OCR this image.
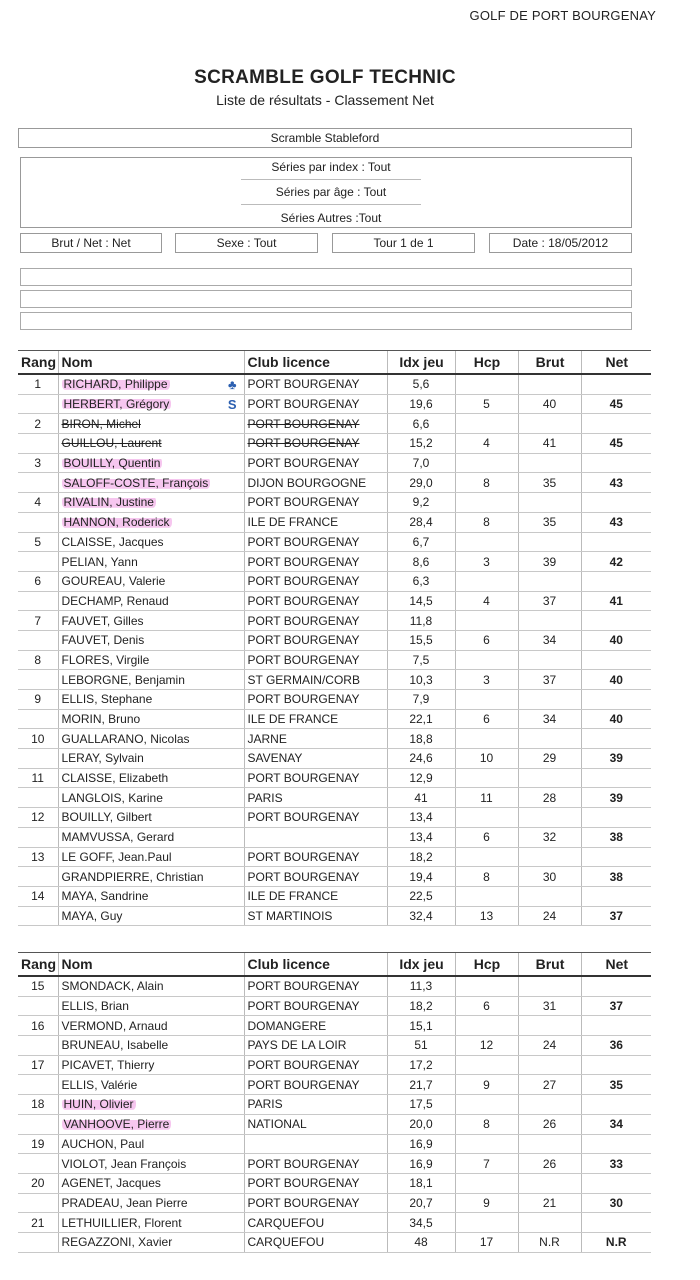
GOLF DE PORT BOURGENAY
SCRAMBLE GOLF TECHNIC
Liste de résultats - Classement Net
Scramble Stableford
Séries par index : Tout
Séries par âge : Tout
Séries Autres :Tout
Brut / Net : Net	Sexe : Tout	Tour 1 de 1	Date : 18/05/2012
Rang	Nom	Club licence	Idx jeu	Hcp	Brut	Net
1	RICHARD, Philippe ♣	PORT BOURGENAY	5,6			
	HERBERT, Grégory S	PORT BOURGENAY	19,6	5	40	45
2	BIRON, Michel	PORT BOURGENAY	6,6			
	GUILLOU, Laurent	PORT BOURGENAY	15,2	4	41	45
3	BOUILLY, Quentin	PORT BOURGENAY	7,0			
	SALOFF-COSTE, François	DIJON BOURGOGNE	29,0	8	35	43
4	RIVALIN, Justine	PORT BOURGENAY	9,2			
	HANNON, Roderick	ILE DE FRANCE	28,4	8	35	43
5	CLAISSE, Jacques	PORT BOURGENAY	6,7			
	PELIAN, Yann	PORT BOURGENAY	8,6	3	39	42
6	GOUREAU, Valerie	PORT BOURGENAY	6,3			
	DECHAMP, Renaud	PORT BOURGENAY	14,5	4	37	41
7	FAUVET, Gilles	PORT BOURGENAY	11,8			
	FAUVET, Denis	PORT BOURGENAY	15,5	6	34	40
8	FLORES, Virgile	PORT BOURGENAY	7,5			
	LEBORGNE, Benjamin	ST GERMAIN/CORB	10,3	3	37	40
9	ELLIS, Stephane	PORT BOURGENAY	7,9			
	MORIN, Bruno	ILE DE FRANCE	22,1	6	34	40
10	GUALLARANO, Nicolas	JARNE	18,8			
	LERAY, Sylvain	SAVENAY	24,6	10	29	39
11	CLAISSE, Elizabeth	PORT BOURGENAY	12,9			
	LANGLOIS, Karine	PARIS	41	11	28	39
12	BOUILLY, Gilbert	PORT BOURGENAY	13,4			
	MAMVUSSA, Gerard		13,4	6	32	38
13	LE GOFF, Jean.Paul	PORT BOURGENAY	18,2			
	GRANDPIERRE, Christian	PORT BOURGENAY	19,4	8	30	38
14	MAYA, Sandrine	ILE DE FRANCE	22,5			
	MAYA, Guy	ST MARTINOIS	32,4	13	24	37
Rang	Nom	Club licence	Idx jeu	Hcp	Brut	Net
15	SMONDACK, Alain	PORT BOURGENAY	11,3			
	ELLIS, Brian	PORT BOURGENAY	18,2	6	31	37
16	VERMOND, Arnaud	DOMANGERE	15,1			
	BRUNEAU, Isabelle	PAYS DE LA LOIR	51	12	24	36
17	PICAVET, Thierry	PORT BOURGENAY	17,2			
	ELLIS, Valérie	PORT BOURGENAY	21,7	9	27	35
18	HUIN, Olivier	PARIS	17,5			
	VANHOOVE, Pierre	NATIONAL	20,0	8	26	34
19	AUCHON, Paul		16,9			
	VIOLOT, Jean François	PORT BOURGENAY	16,9	7	26	33
20	AGENET, Jacques	PORT BOURGENAY	18,1			
	PRADEAU, Jean Pierre	PORT BOURGENAY	20,7	9	21	30
21	LETHUILLIER, Florent	CARQUEFOU	34,5			
	REGAZZONI, Xavier	CARQUEFOU	48	17	N.R	N.R
